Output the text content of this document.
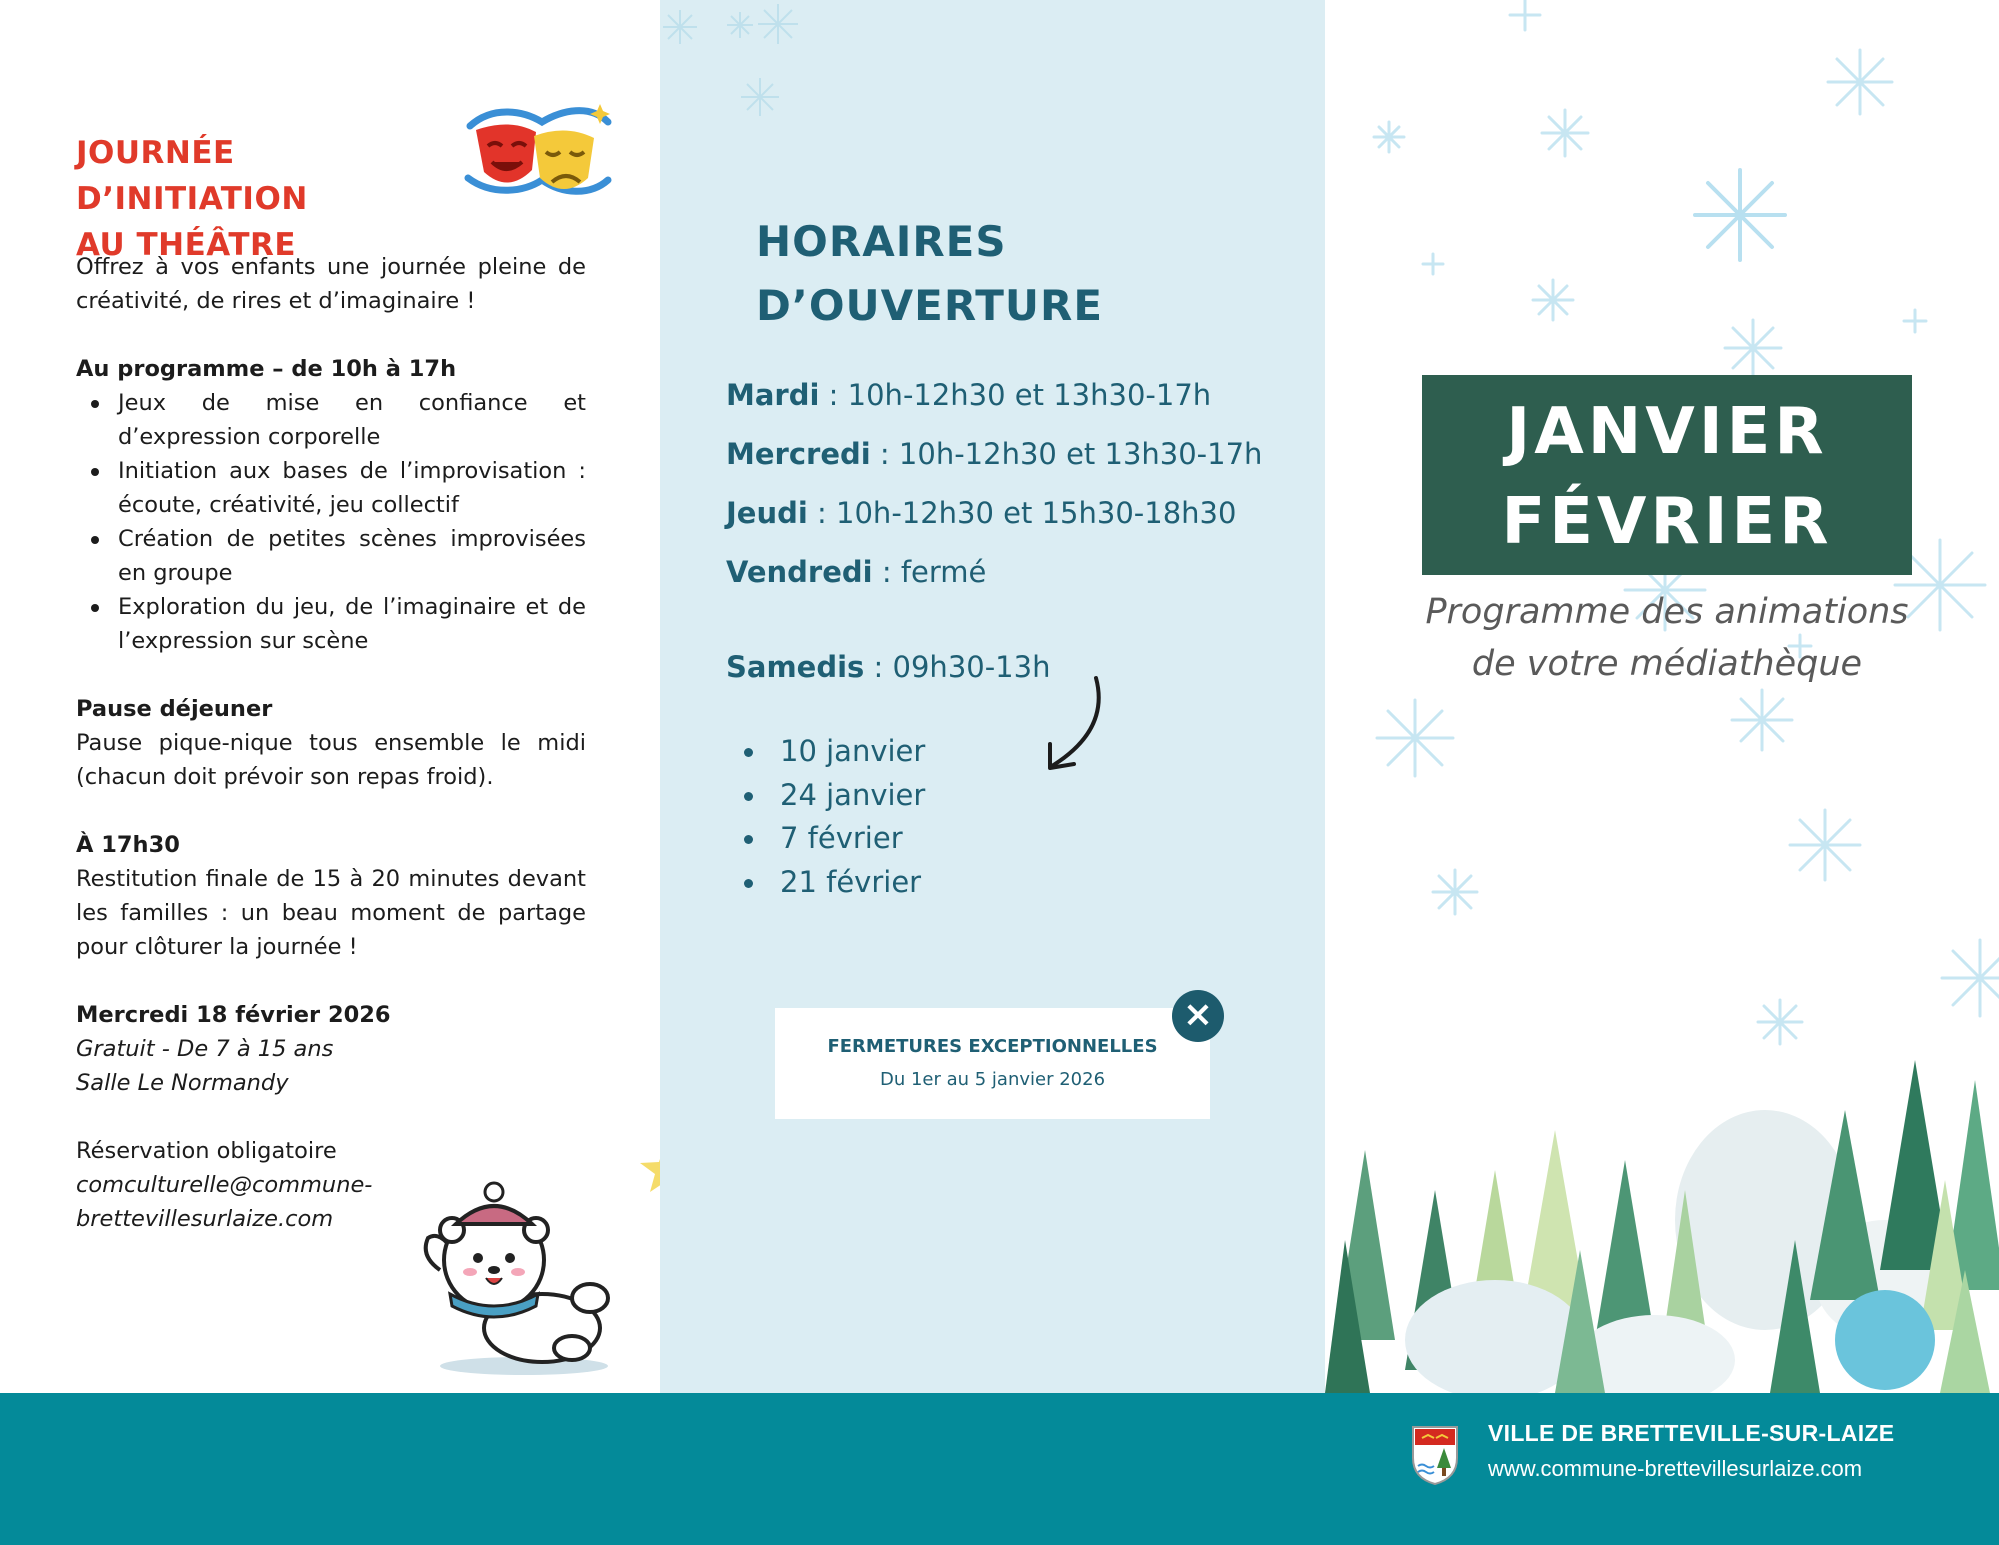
JOURNÉE D’INITIATION
AU THÉÂTRE

Offrez à vos enfants une journée pleine de créativité, de rires et d’imaginaire !

Au programme – de 10h à 17h

Jeux de mise en confiance et d’expression corporelle
Initiation aux bases de l’improvisation : écoute, créativité, jeu collectif
Création de petites scènes improvisées en groupe
Exploration du jeu, de l’imaginaire et de l’expression sur scène

Pause déjeuner

Pause pique-nique tous ensemble le midi (chacun doit prévoir son repas froid).

À 17h30

Restitution finale de 15 à 20 minutes devant les familles : un beau moment de partage pour clôturer la journée !

Mercredi 18 février 2026

Gratuit - De 7 à 15 ans

Salle Le Normandy

Réservation obligatoire

comculturelle@commune-

brettevillesurlaize.com

HORAIRES
D’OUVERTURE
Mardi : 10h-12h30 et 13h30-17h
Mercredi : 10h-12h30 et 13h30-17h
Jeudi : 10h-12h30 et 15h30-18h30
Vendredi : fermé
Samedis : 09h30-13h
10 janvier
24 janvier
7 février
21 février
FERMETURES EXCEPTIONNELLES
Du 1er au 5 janvier 2026
×
JANVIER
FÉVRIER
Programme des animations
de votre médiathèque
VILLE DE BRETTEVILLE-SUR-LAIZE
www.commune-brettevillesurlaize.com
